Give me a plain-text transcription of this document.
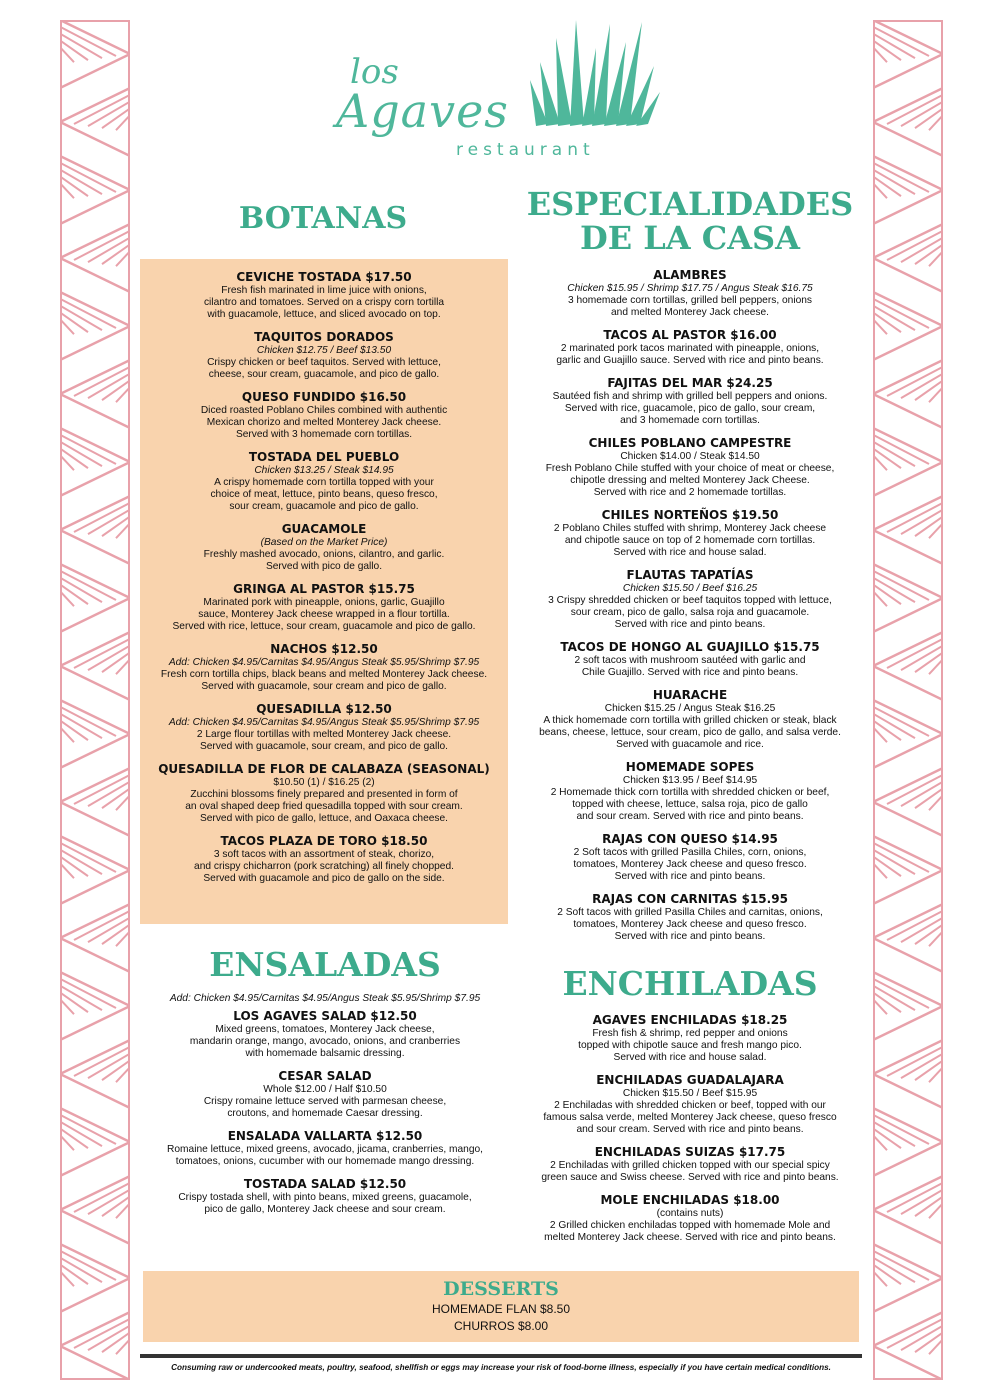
los
Agaves
restaurant
BOTANAS
CEVICHE TOSTADA $17.50
Fresh fish marinated in lime juice with onions,
cilantro and tomatoes. Served on a crispy corn tortilla
with guacamole, lettuce, and sliced avocado on top.
TAQUITOS DORADOS
Chicken $12.75 / Beef $13.50
Crispy chicken or beef taquitos. Served with lettuce,
cheese, sour cream, guacamole, and pico de gallo.
QUESO FUNDIDO $16.50
Diced roasted Poblano Chiles combined with authentic
Mexican chorizo and melted Monterey Jack cheese.
Served with 3 homemade corn tortillas.
TOSTADA DEL PUEBLO
Chicken $13.25 / Steak $14.95
A crispy homemade corn tortilla topped with your
choice of meat, lettuce, pinto beans, queso fresco,
sour cream, guacamole and pico de gallo.
GUACAMOLE
(Based on the Market Price)
Freshly mashed avocado, onions, cilantro, and garlic.
Served with pico de gallo.
GRINGA AL PASTOR $15.75
Marinated pork with pineapple, onions, garlic, Guajillo
sauce, Monterey Jack cheese wrapped in a flour tortilla.
Served with rice, lettuce, sour cream, guacamole and pico de gallo.
NACHOS $12.50
Add: Chicken $4.95/Carnitas $4.95/Angus Steak $5.95/Shrimp $7.95
Fresh corn tortilla chips, black beans and melted Monterey Jack cheese.
Served with guacamole, sour cream and pico de gallo.
QUESADILLA $12.50
Add: Chicken $4.95/Carnitas $4.95/Angus Steak $5.95/Shrimp $7.95
2 Large flour tortillas with melted Monterey Jack cheese.
Served with guacamole, sour cream, and pico de gallo.
QUESADILLA DE FLOR DE CALABAZA (SEASONAL)
$10.50 (1) / $16.25 (2)
Zucchini blossoms finely prepared and presented in form of
an oval shaped deep fried quesadilla topped with sour cream.
Served with pico de gallo, lettuce, and Oaxaca cheese.
TACOS PLAZA DE TORO $18.50
3 soft tacos with an assortment of steak, chorizo,
and crispy chicharron (pork scratching) all finely chopped.
Served with guacamole and pico de gallo on the side.
ENSALADAS
Add: Chicken $4.95/Carnitas $4.95/Angus Steak $5.95/Shrimp $7.95
LOS AGAVES SALAD $12.50
Mixed greens, tomatoes, Monterey Jack cheese,
mandarin orange, mango, avocado, onions, and cranberries
with homemade balsamic dressing.
CESAR SALAD
Whole $12.00 / Half $10.50
Crispy romaine lettuce served with parmesan cheese,
croutons, and homemade Caesar dressing.
ENSALADA VALLARTA $12.50
Romaine lettuce, mixed greens, avocado, jicama, cranberries, mango,
tomatoes, onions, cucumber with our homemade mango dressing.
TOSTADA SALAD $12.50
Crispy tostada shell, with pinto beans, mixed greens, guacamole,
pico de gallo, Monterey Jack cheese and sour cream.
ESPECIALIDADES
DE LA CASA
ALAMBRES
Chicken $15.95 / Shrimp $17.75 / Angus Steak $16.75
3 homemade corn tortillas, grilled bell peppers, onions
and melted Monterey Jack cheese.
TACOS AL PASTOR $16.00
2 marinated pork tacos marinated with pineapple, onions,
garlic and Guajillo sauce. Served with rice and pinto beans.
FAJITAS DEL MAR $24.25
Sautéed fish and shrimp with grilled bell peppers and onions.
Served with rice, guacamole, pico de gallo, sour cream,
and 3 homemade corn tortillas.
CHILES POBLANO CAMPESTRE
Chicken $14.00 / Steak $14.50
Fresh Poblano Chile stuffed with your choice of meat or cheese,
chipotle dressing and melted Monterey Jack Cheese.
Served with rice and 2 homemade tortillas.
CHILES NORTEÑOS $19.50
2 Poblano Chiles stuffed with shrimp, Monterey Jack cheese
and chipotle sauce on top of 2 homemade corn tortillas.
Served with rice and house salad.
FLAUTAS TAPATÍAS
Chicken $15.50 / Beef $16.25
3 Crispy shredded chicken or beef taquitos topped with lettuce,
sour cream, pico de gallo, salsa roja and guacamole.
Served with rice and pinto beans.
TACOS DE HONGO AL GUAJILLO $15.75
2 soft tacos with mushroom sautéed with garlic and
Chile Guajillo. Served with rice and pinto beans.
HUARACHE
Chicken $15.25 / Angus Steak $16.25
A thick homemade corn tortilla with grilled chicken or steak, black
beans, cheese, lettuce, sour cream, pico de gallo, and salsa verde.
Served with guacamole and rice.
HOMEMADE SOPES
Chicken $13.95 / Beef $14.95
2 Homemade thick corn tortilla with shredded chicken or beef,
topped with cheese, lettuce, salsa roja, pico de gallo
and sour cream. Served with rice and pinto beans.
RAJAS CON QUESO $14.95
2 Soft tacos with grilled Pasilla Chiles, corn, onions,
tomatoes, Monterey Jack cheese and queso fresco.
Served with rice and pinto beans.
RAJAS CON CARNITAS $15.95
2 Soft tacos with grilled Pasilla Chiles and carnitas, onions,
tomatoes, Monterey Jack cheese and queso fresco.
Served with rice and pinto beans.
ENCHILADAS
AGAVES ENCHILADAS $18.25
Fresh fish & shrimp, red pepper and onions
topped with chipotle sauce and fresh mango pico.
Served with rice and house salad.
ENCHILADAS GUADALAJARA
Chicken $15.50 / Beef $15.95
2 Enchiladas with shredded chicken or beef, topped with our
famous salsa verde, melted Monterey Jack cheese, queso fresco
and sour cream. Served with rice and pinto beans.
ENCHILADAS SUIZAS $17.75
2 Enchiladas with grilled chicken topped with our special spicy
green sauce and Swiss cheese. Served with rice and pinto beans.
MOLE ENCHILADAS $18.00
(contains nuts)
2 Grilled chicken enchiladas topped with homemade Mole and
melted Monterey Jack cheese. Served with rice and pinto beans.
DESSERTS
HOMEMADE FLAN $8.50
CHURROS $8.00
Consuming raw or undercooked meats, poultry, seafood, shellfish or eggs may increase your risk of food-borne illness, especially if you have certain medical conditions.
